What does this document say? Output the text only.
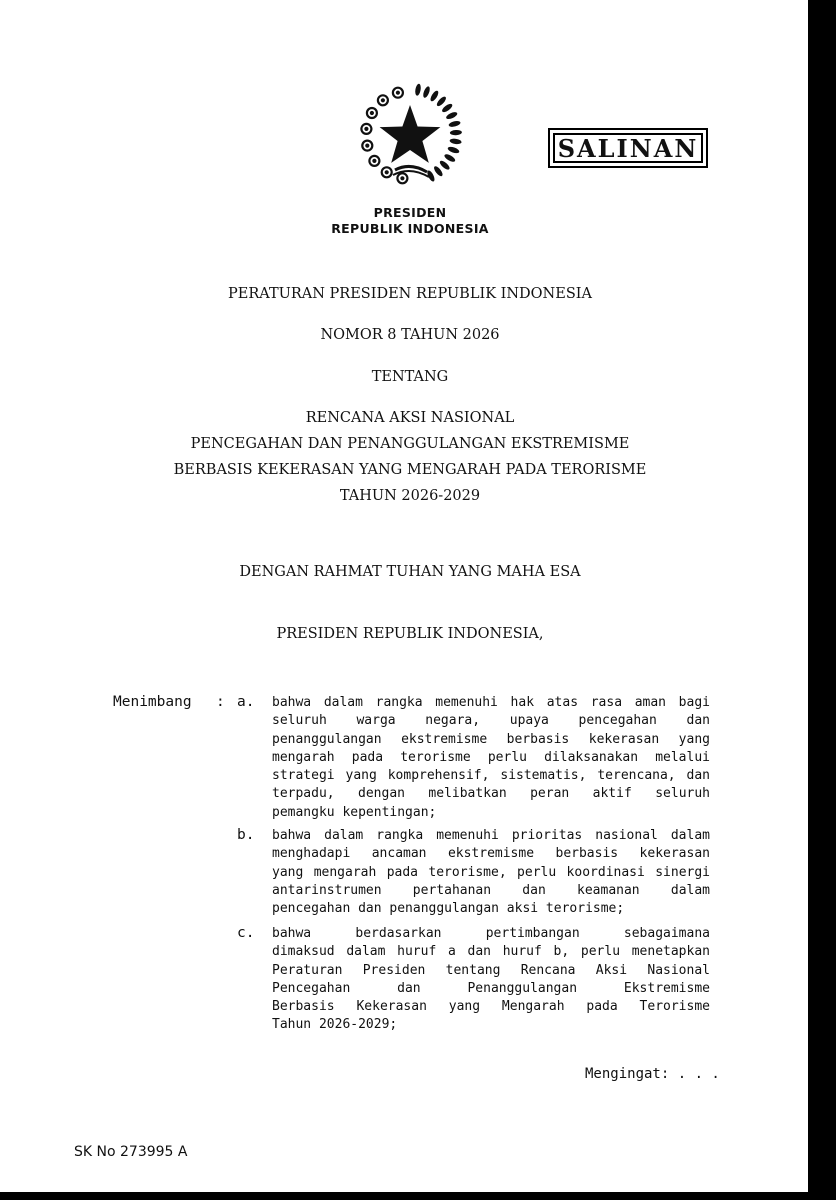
SALINAN
PRESIDEN
REPUBLIK INDONESIA
PERATURAN PRESIDEN REPUBLIK INDONESIA
NOMOR 8 TAHUN 2026
TENTANG
RENCANA AKSI NASIONAL
PENCEGAHAN DAN PENANGGULANGAN EKSTREMISME
BERBASIS KEKERASAN YANG MENGARAH PADA TERORISME
TAHUN 2026-2029
DENGAN RAHMAT TUHAN YANG MAHA ESA
PRESIDEN REPUBLIK INDONESIA,
Menimbang : a. bahwa dalam rangka memenuhi hak atas rasa aman bagi
seluruh warga negara, upaya pencegahan dan
penanggulangan ekstremisme berbasis kekerasan yang
mengarah pada terorisme perlu dilaksanakan melalui
strategi yang komprehensif, sistematis, terencana, dan
terpadu, dengan melibatkan peran aktif seluruh
pemangku kepentingan;
b. bahwa dalam rangka memenuhi prioritas nasional dalam
menghadapi ancaman ekstremisme berbasis kekerasan
yang mengarah pada terorisme, perlu koordinasi sinergi
antarinstrumen pertahanan dan keamanan dalam
pencegahan dan penanggulangan aksi terorisme;
c. bahwa berdasarkan pertimbangan sebagaimana
dimaksud dalam huruf a dan huruf b, perlu menetapkan
Peraturan Presiden tentang Rencana Aksi Nasional
Pencegahan dan Penanggulangan Ekstremisme
Berbasis Kekerasan yang Mengarah pada Terorisme
Tahun 2026-2029;
Mengingat: . . .
SK No 273995 A
